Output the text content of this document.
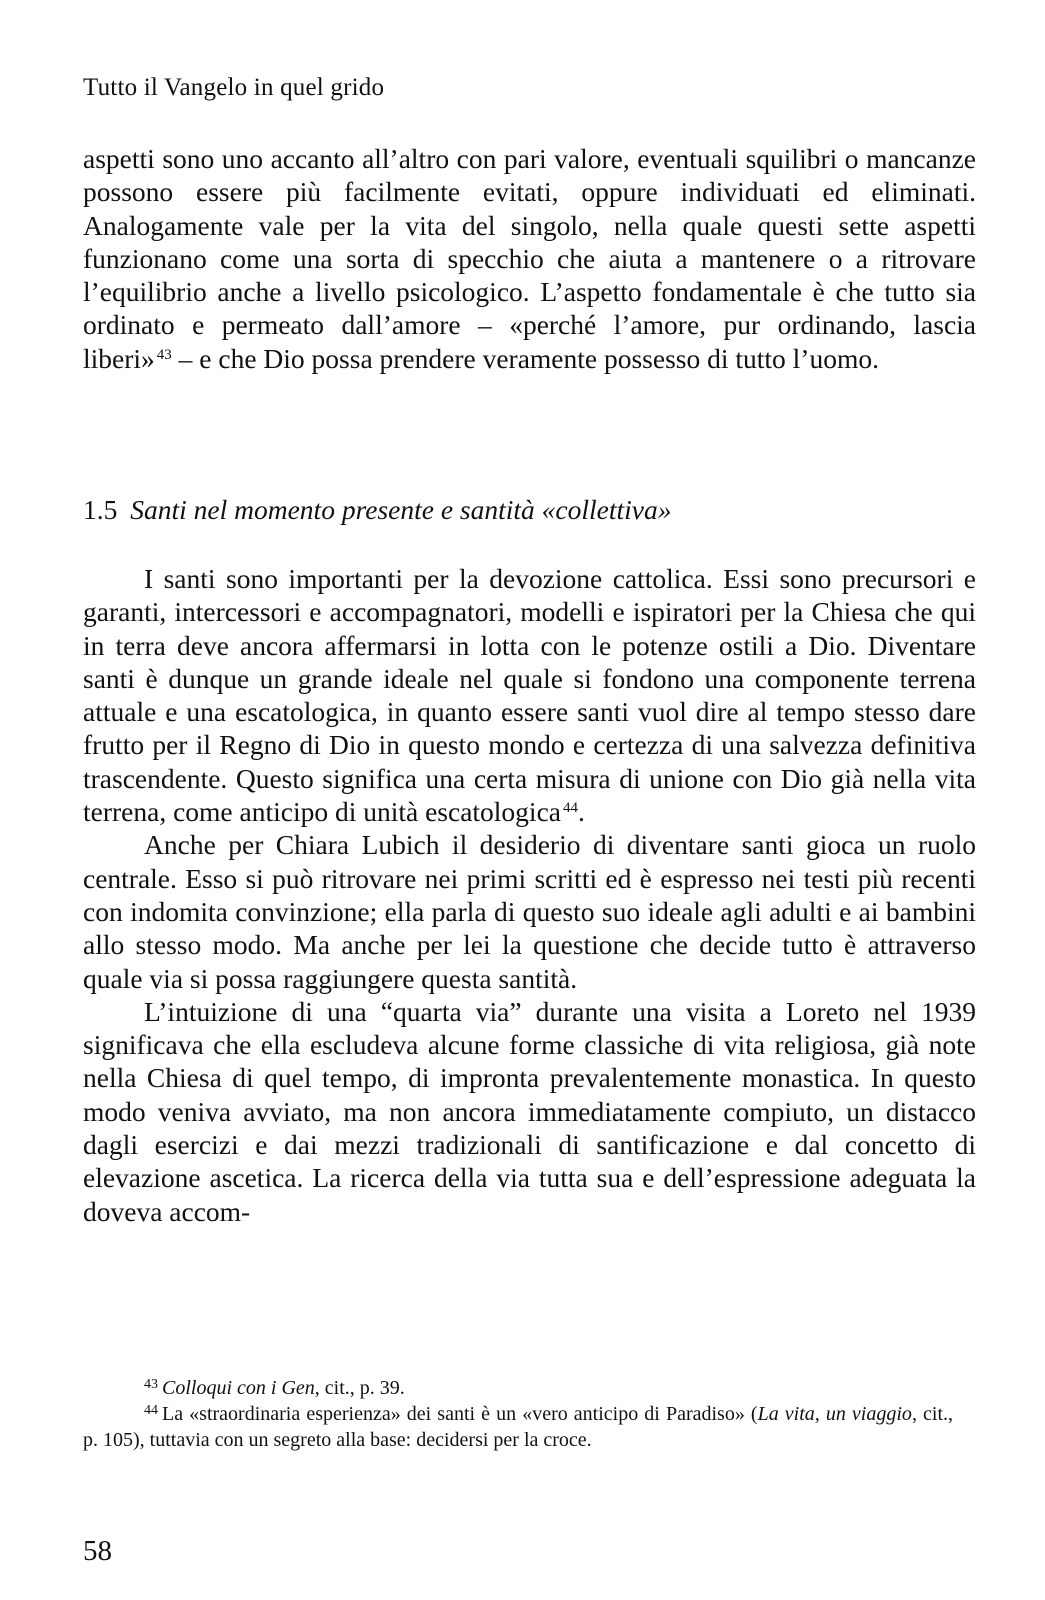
Tutto il Vangelo in quel grido

aspetti sono uno accanto all’altro con pari valore, eventuali squilibri o mancanze possono essere più facilmente evitati, oppure individuati ed eliminati. Analogamente vale per la vita del singolo, nella quale questi sette aspetti funzionano come una sorta di specchio che aiuta a mantenere o a ritrovare l’equilibrio anche a livello psicologico. L’aspetto fondamentale è che tutto sia ordinato e permeato dall’amore – «perché l’amore, pur ordinando, lascia liberi» $^{43}$ – e che Dio possa prendere veramente possesso di tutto l’uomo.

1.5 Santi nel momento presente e santità «collettiva»

I santi sono importanti per la devozione cattolica. Essi sono precursori e garanti, intercessori e accompagnatori, modelli e ispiratori per la Chiesa che qui in terra deve ancora affermarsi in lotta con le potenze ostili a Dio. Diventare santi è dunque un grande ideale nel quale si fondono una componente terrena attuale e una escatologica, in quanto essere santi vuol dire al tempo stesso dare frutto per il Regno di Dio in questo mondo e certezza di una salvezza definitiva trascendente. Questo significa una certa misura di unione con Dio già nella vita terrena, come anticipo di unità escatologica $^{44}$.

Anche per Chiara Lubich il desiderio di diventare santi gioca un ruolo centrale. Esso si può ritrovare nei primi scritti ed è espresso nei testi più recenti con indomita convinzione; ella parla di questo suo ideale agli adulti e ai bambini allo stesso modo. Ma anche per lei la questione che decide tutto è attraverso quale via si possa raggiungere questa santità.

L’intuizione di una “quarta via” durante una visita a Loreto nel 1939 significava che ella escludeva alcune forme classiche di vita religiosa, già note nella Chiesa di quel tempo, di impronta prevalentemente monastica. In questo modo veniva avviato, ma non ancora immediatamente compiuto, un distacco dagli esercizi e dai mezzi tradizionali di santificazione e dal concetto di elevazione ascetica. La ricerca della via tutta sua e dell’espressione adeguata la doveva accom-

$^{43}$ Colloqui con i Gen, cit., p. 39.

$^{44}$ La «straordinaria esperienza» dei santi è un «vero anticipo di Paradiso» (La vita, un viaggio, cit., p. 105), tuttavia con un segreto alla base: decidersi per la croce.

58
